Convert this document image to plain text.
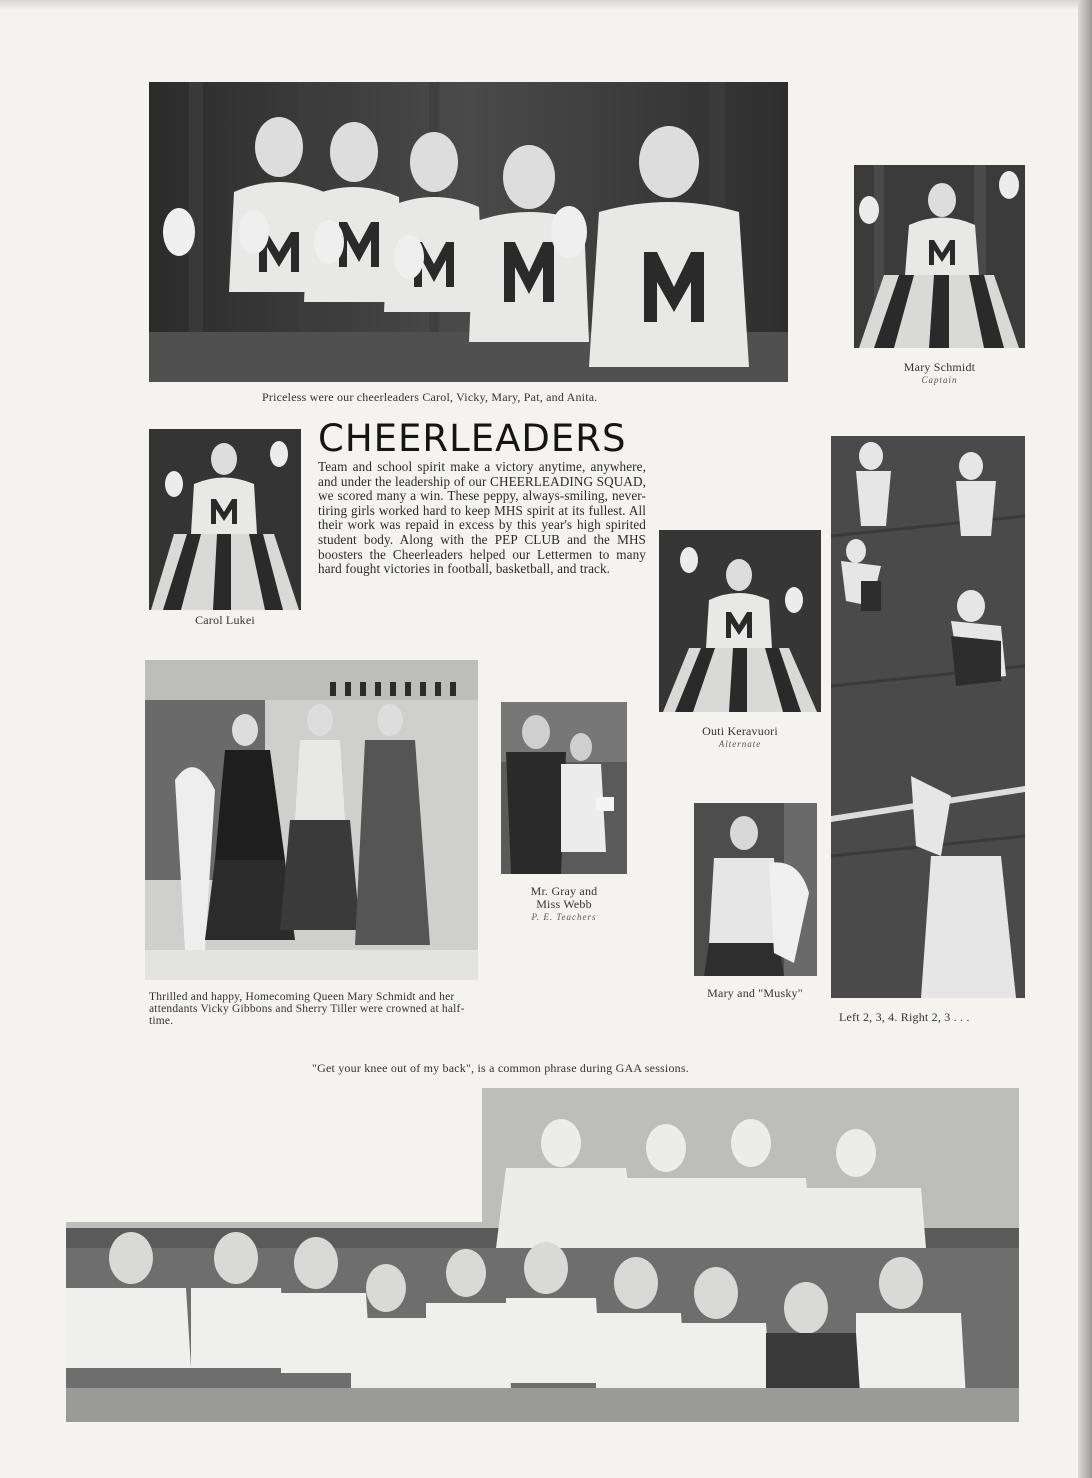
Priceless were our cheerleaders Carol, Vicky, Mary, Pat, and Anita.

Mary Schmidt
Captain

Carol Lukei

CHEERLEADERS

Team and school spirit make a victory anytime, anywhere, and under the leadership of our CHEERLEADING SQUAD, we scored many a win. These peppy, always-smiling, never-tiring girls worked hard to keep MHS spirit at its fullest. All their work was repaid in excess by this year's high spirited student body. Along with the PEP CLUB and the MHS boosters the Cheerleaders helped our Lettermen to many hard fought victories in football, basketball, and track.

Outi Keravuori
Alternate

Left 2, 3, 4. Right 2, 3 . . .

Thrilled and happy, Homecoming Queen Mary Schmidt and her attendants Vicky Gibbons and Sherry Tiller were crowned at half-time.

Mr. Gray and Miss Webb
P. E. Teachers

Mary and "Musky"

"Get your knee out of my back", is a common phrase during GAA sessions.
